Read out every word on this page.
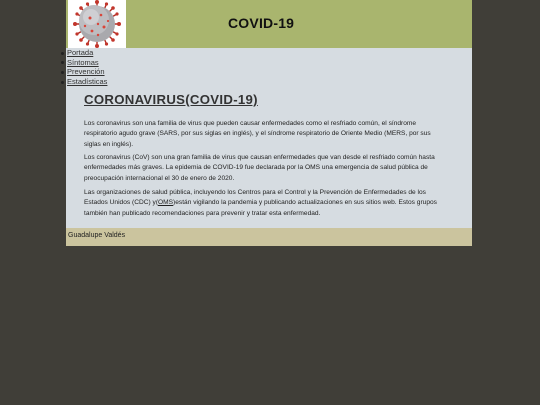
COVID-19
Portada
Síntomas
Prevención
Estadísticas
CORONAVIRUS(COVID-19)

Los coronavirus son una familia de virus que pueden causar enfermedades como el resfriado común, el síndrome respiratorio agudo grave (SARS, por sus siglas en inglés), y el síndrome respiratorio de Oriente Medio (MERS, por sus siglas en inglés).

Los coronavirus (CoV) son una gran familia de virus que causan enfermedades que van desde el resfriado común hasta enfermedades más graves. La epidemia de COVID-19 fue declarada por la OMS una emergencia de salud pública de preocupación internacional el 30 de enero de 2020.

Las organizaciones de salud pública, incluyendo los Centros para el Control y la Prevención de Enfermedades de los Estados Unidos (CDC) y(OMS)están vigilando la pandemia y publicando actualizaciones en sus sitios web. Estos grupos también han publicado recomendaciones para prevenir y tratar esta enfermedad.

Guadalupe Valdés
